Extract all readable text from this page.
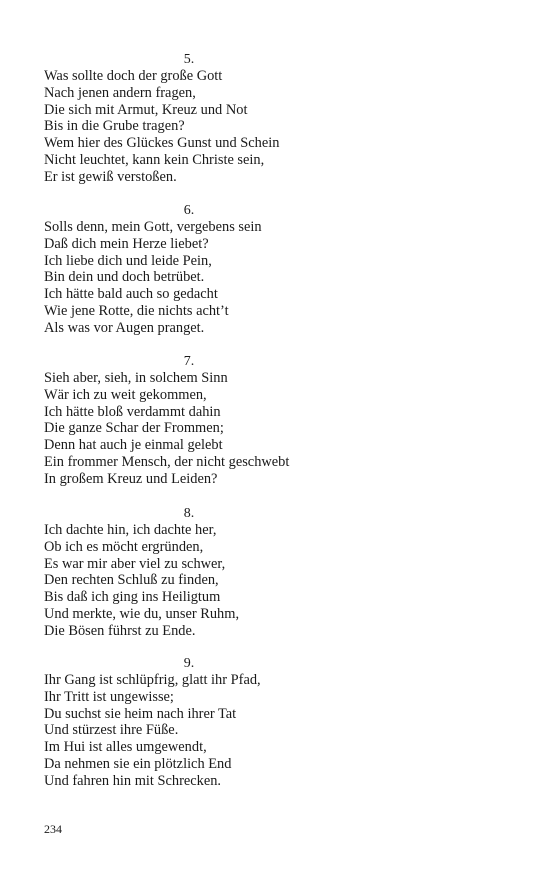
5.
Was sollte doch der große Gott
Nach jenen andern fragen,
Die sich mit Armut, Kreuz und Not
Bis in die Grube tragen?
Wem hier des Glückes Gunst und Schein
Nicht leuchtet, kann kein Christe sein,
Er ist gewiß verstoßen.
6.
Solls denn, mein Gott, vergebens sein
Daß dich mein Herze liebet?
Ich liebe dich und leide Pein,
Bin dein und doch betrübet.
Ich hätte bald auch so gedacht
Wie jene Rotte, die nichts acht’t
Als was vor Augen pranget.
7.
Sieh aber, sieh, in solchem Sinn
Wär ich zu weit gekommen,
Ich hätte bloß verdammt dahin
Die ganze Schar der Frommen;
Denn hat auch je einmal gelebt
Ein frommer Mensch, der nicht geschwebt
In großem Kreuz und Leiden?
8.
Ich dachte hin, ich dachte her,
Ob ich es möcht ergründen,
Es war mir aber viel zu schwer,
Den rechten Schluß zu finden,
Bis daß ich ging ins Heiligtum
Und merkte, wie du, unser Ruhm,
Die Bösen führst zu Ende.
9.
Ihr Gang ist schlüpfrig, glatt ihr Pfad,
Ihr Tritt ist ungewisse;
Du suchst sie heim nach ihrer Tat
Und stürzest ihre Füße.
Im Hui ist alles umgewendt,
Da nehmen sie ein plötzlich End
Und fahren hin mit Schrecken.
234
